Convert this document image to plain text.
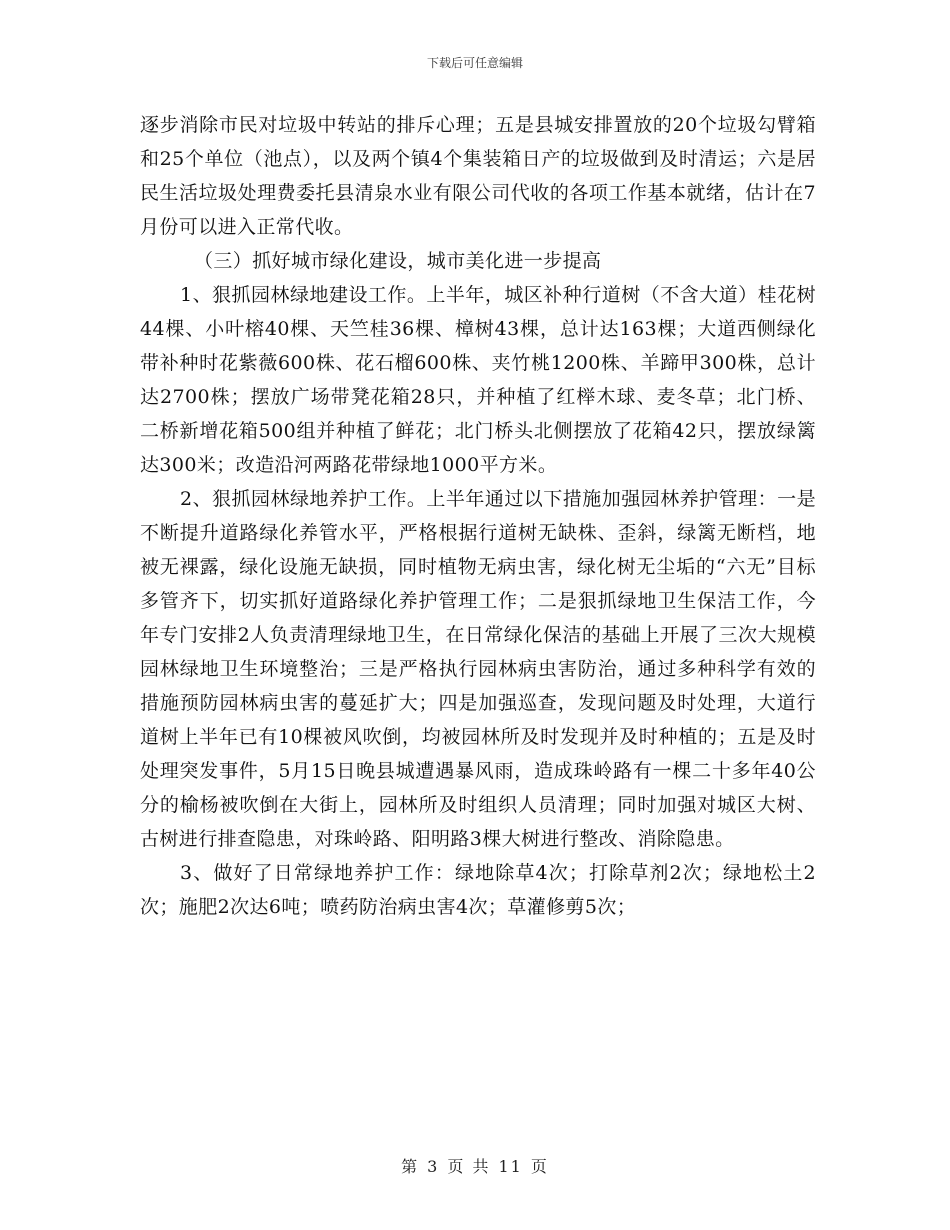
下载后可任意编辑

逐步消除市民对垃圾中转站的排斥心理；五是县城安排置放的20个垃圾勾臂箱和25个单位（池点），以及两个镇4个集装箱日产的垃圾做到及时清运；六是居民生活垃圾处理费委托县清泉水业有限公司代收的各项工作基本就绪，估计在7月份可以进入正常代收。

（三）抓好城市绿化建设，城市美化进一步提高

1、狠抓园林绿地建设工作。上半年，城区补种行道树（不含大道）桂花树44棵、小叶榕40棵、天竺桂36棵、樟树43棵，总计达163棵；大道西侧绿化带补种时花紫薇600株、花石榴600株、夹竹桃1200株、羊蹄甲300株，总计达2700株；摆放广场带凳花箱28只，并种植了红榉木球、麦冬草；北门桥、二桥新增花箱500组并种植了鲜花；北门桥头北侧摆放了花箱42只，摆放绿篱达300米；改造沿河两路花带绿地1000平方米。

2、狠抓园林绿地养护工作。上半年通过以下措施加强园林养护管理：一是不断提升道路绿化养管水平，严格根据行道树无缺株、歪斜，绿篱无断档，地被无裸露，绿化设施无缺损，同时植物无病虫害，绿化树无尘垢的“六无”目标多管齐下，切实抓好道路绿化养护管理工作；二是狠抓绿地卫生保洁工作，今年专门安排2人负责清理绿地卫生，在日常绿化保洁的基础上开展了三次大规模园林绿地卫生环境整治；三是严格执行园林病虫害防治，通过多种科学有效的措施预防园林病虫害的蔓延扩大；四是加强巡查，发现问题及时处理，大道行道树上半年已有10棵被风吹倒，均被园林所及时发现并及时种植的；五是及时处理突发事件，5月15日晚县城遭遇暴风雨，造成珠岭路有一棵二十多年40公分的榆杨被吹倒在大街上，园林所及时组织人员清理；同时加强对城区大树、古树进行排查隐患，对珠岭路、阳明路3棵大树进行整改、消除隐患。

3、做好了日常绿地养护工作：绿地除草4次；打除草剂2次；绿地松土2次；施肥2次达6吨；喷药防治病虫害4次；草灌修剪5次；

第 3 页 共 11 页
